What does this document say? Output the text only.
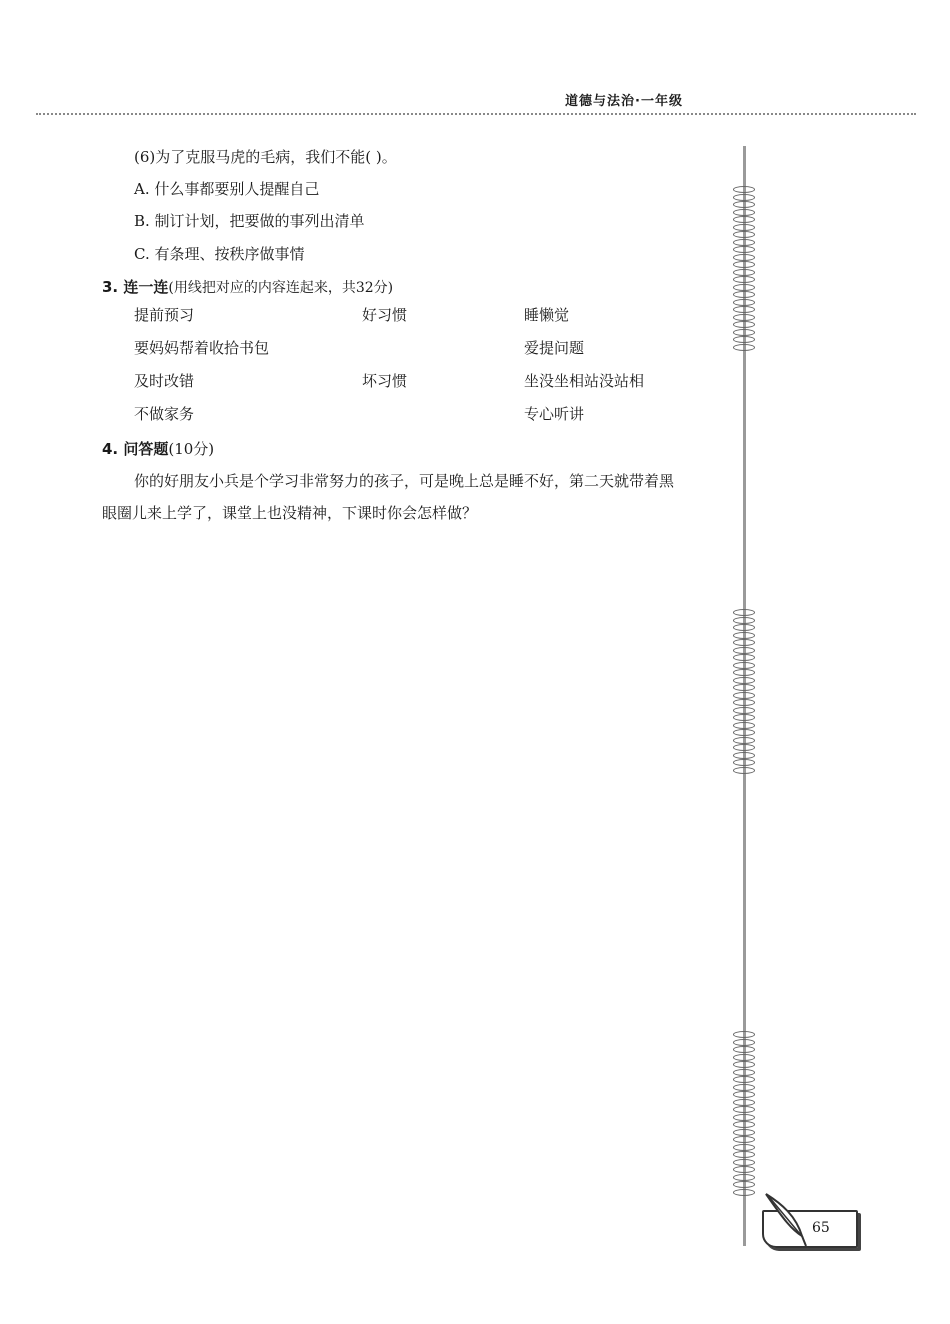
道德与法治·一年级
(6)为了克服马虎的毛病，我们不能( )。
A. 什么事都要别人提醒自己
B. 制订计划，把要做的事列出清单
C. 有条理、按秩序做事情
3. 连一连(用线把对应的内容连起来，共32分)
提前预习
要妈妈帮着收拾书包
及时改错
不做家务
好习惯
坏习惯
睡懒觉
爱提问题
坐没坐相站没站相
专心听讲
4. 问答题(10分)
你的好朋友小兵是个学习非常努力的孩子，可是晚上总是睡不好，第二天就带着黑
眼圈儿来上学了，课堂上也没精神，下课时你会怎样做？
65
